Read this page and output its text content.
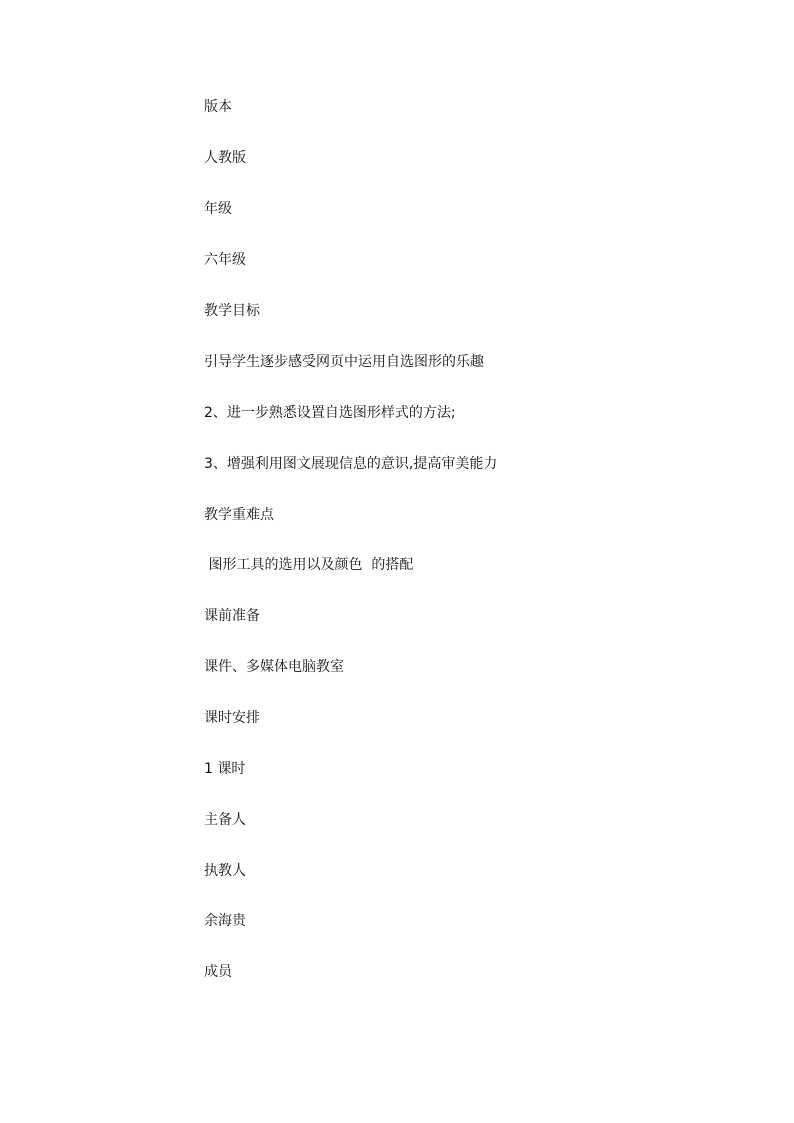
版本
人教版
年级
六年级
教学目标
引导学生逐步感受网页中运用自选图形的乐趣
2、进一步熟悉设置自选图形样式的方法;
3、增强利用图文展现信息的意识,提高审美能力
教学重难点
图形工具的选用以及颜色  的搭配
课前准备
课件、多媒体电脑教室
课时安排
1 课时
主备人
执教人
余海贵
成员
